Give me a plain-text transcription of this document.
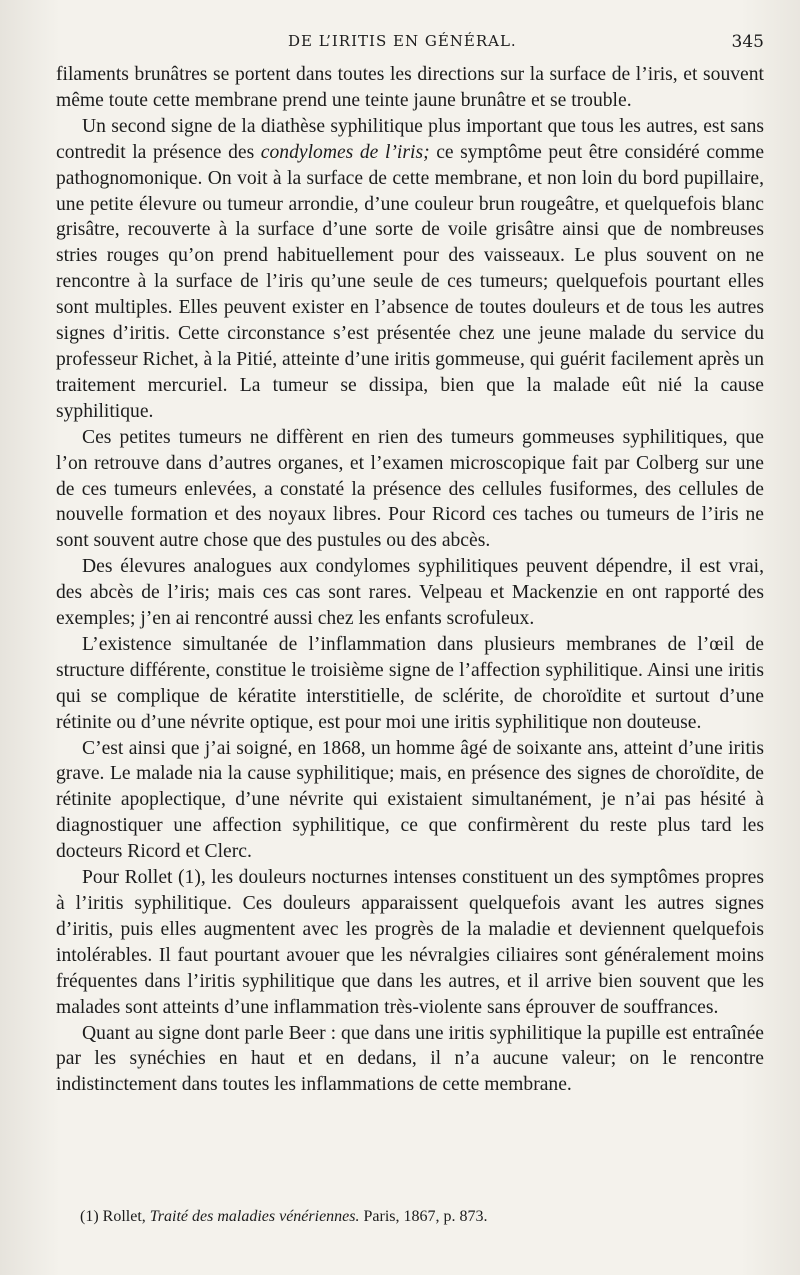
DE L’IRITIS EN GÉNÉRAL.	345

filaments brunâtres se portent dans toutes les directions sur la surface de l’iris, et souvent même toute cette membrane prend une teinte jaune brunâtre et se trouble.

Un second signe de la diathèse syphilitique plus important que tous les autres, est sans contredit la présence des condylomes de l’iris; ce symptôme peut être considéré comme pathognomonique. On voit à la surface de cette membrane, et non loin du bord pupillaire, une petite élevure ou tumeur arrondie, d’une couleur brun rougeâtre, et quelquefois blanc grisâtre, recouverte à la surface d’une sorte de voile grisâtre ainsi que de nombreuses stries rouges qu’on prend habituellement pour des vaisseaux. Le plus souvent on ne rencontre à la surface de l’iris qu’une seule de ces tumeurs; quelquefois pourtant elles sont multiples. Elles peuvent exister en l’absence de toutes douleurs et de tous les autres signes d’iritis. Cette circonstance s’est présentée chez une jeune malade du service du professeur Richet, à la Pitié, atteinte d’une iritis gommeuse, qui guérit facilement après un traitement mercuriel. La tumeur se dissipa, bien que la malade eût nié la cause syphilitique.

Ces petites tumeurs ne diffèrent en rien des tumeurs gommeuses syphilitiques, que l’on retrouve dans d’autres organes, et l’examen microscopique fait par Colberg sur une de ces tumeurs enlevées, a constaté la présence des cellules fusiformes, des cellules de nouvelle formation et des noyaux libres. Pour Ricord ces taches ou tumeurs de l’iris ne sont souvent autre chose que des pustules ou des abcès.

Des élevures analogues aux condylomes syphilitiques peuvent dépendre, il est vrai, des abcès de l’iris; mais ces cas sont rares. Velpeau et Mackenzie en ont rapporté des exemples; j’en ai rencontré aussi chez les enfants scrofuleux.

L’existence simultanée de l’inflammation dans plusieurs membranes de l’œil de structure différente, constitue le troisième signe de l’affection syphilitique. Ainsi une iritis qui se complique de kératite interstitielle, de sclérite, de choroïdite et surtout d’une rétinite ou d’une névrite optique, est pour moi une iritis syphilitique non douteuse.

C’est ainsi que j’ai soigné, en 1868, un homme âgé de soixante ans, atteint d’une iritis grave. Le malade nia la cause syphilitique; mais, en présence des signes de choroïdite, de rétinite apoplectique, d’une névrite qui existaient simultanément, je n’ai pas hésité à diagnostiquer une affection syphilitique, ce que confirmèrent du reste plus tard les docteurs Ricord et Clerc.

Pour Rollet (1), les douleurs nocturnes intenses constituent un des symptômes propres à l’iritis syphilitique. Ces douleurs apparaissent quelquefois avant les autres signes d’iritis, puis elles augmentent avec les progrès de la maladie et deviennent quelquefois intolérables. Il faut pourtant avouer que les névralgies ciliaires sont généralement moins fréquentes dans l’iritis syphilitique que dans les autres, et il arrive bien souvent que les malades sont atteints d’une inflammation très-violente sans éprouver de souffrances.

Quant au signe dont parle Beer : que dans une iritis syphilitique la pupille est entraînée par les synéchies en haut et en dedans, il n’a aucune valeur; on le rencontre indistinctement dans toutes les inflammations de cette membrane.

(1) Rollet, Traité des maladies vénériennes. Paris, 1867, p. 873.
